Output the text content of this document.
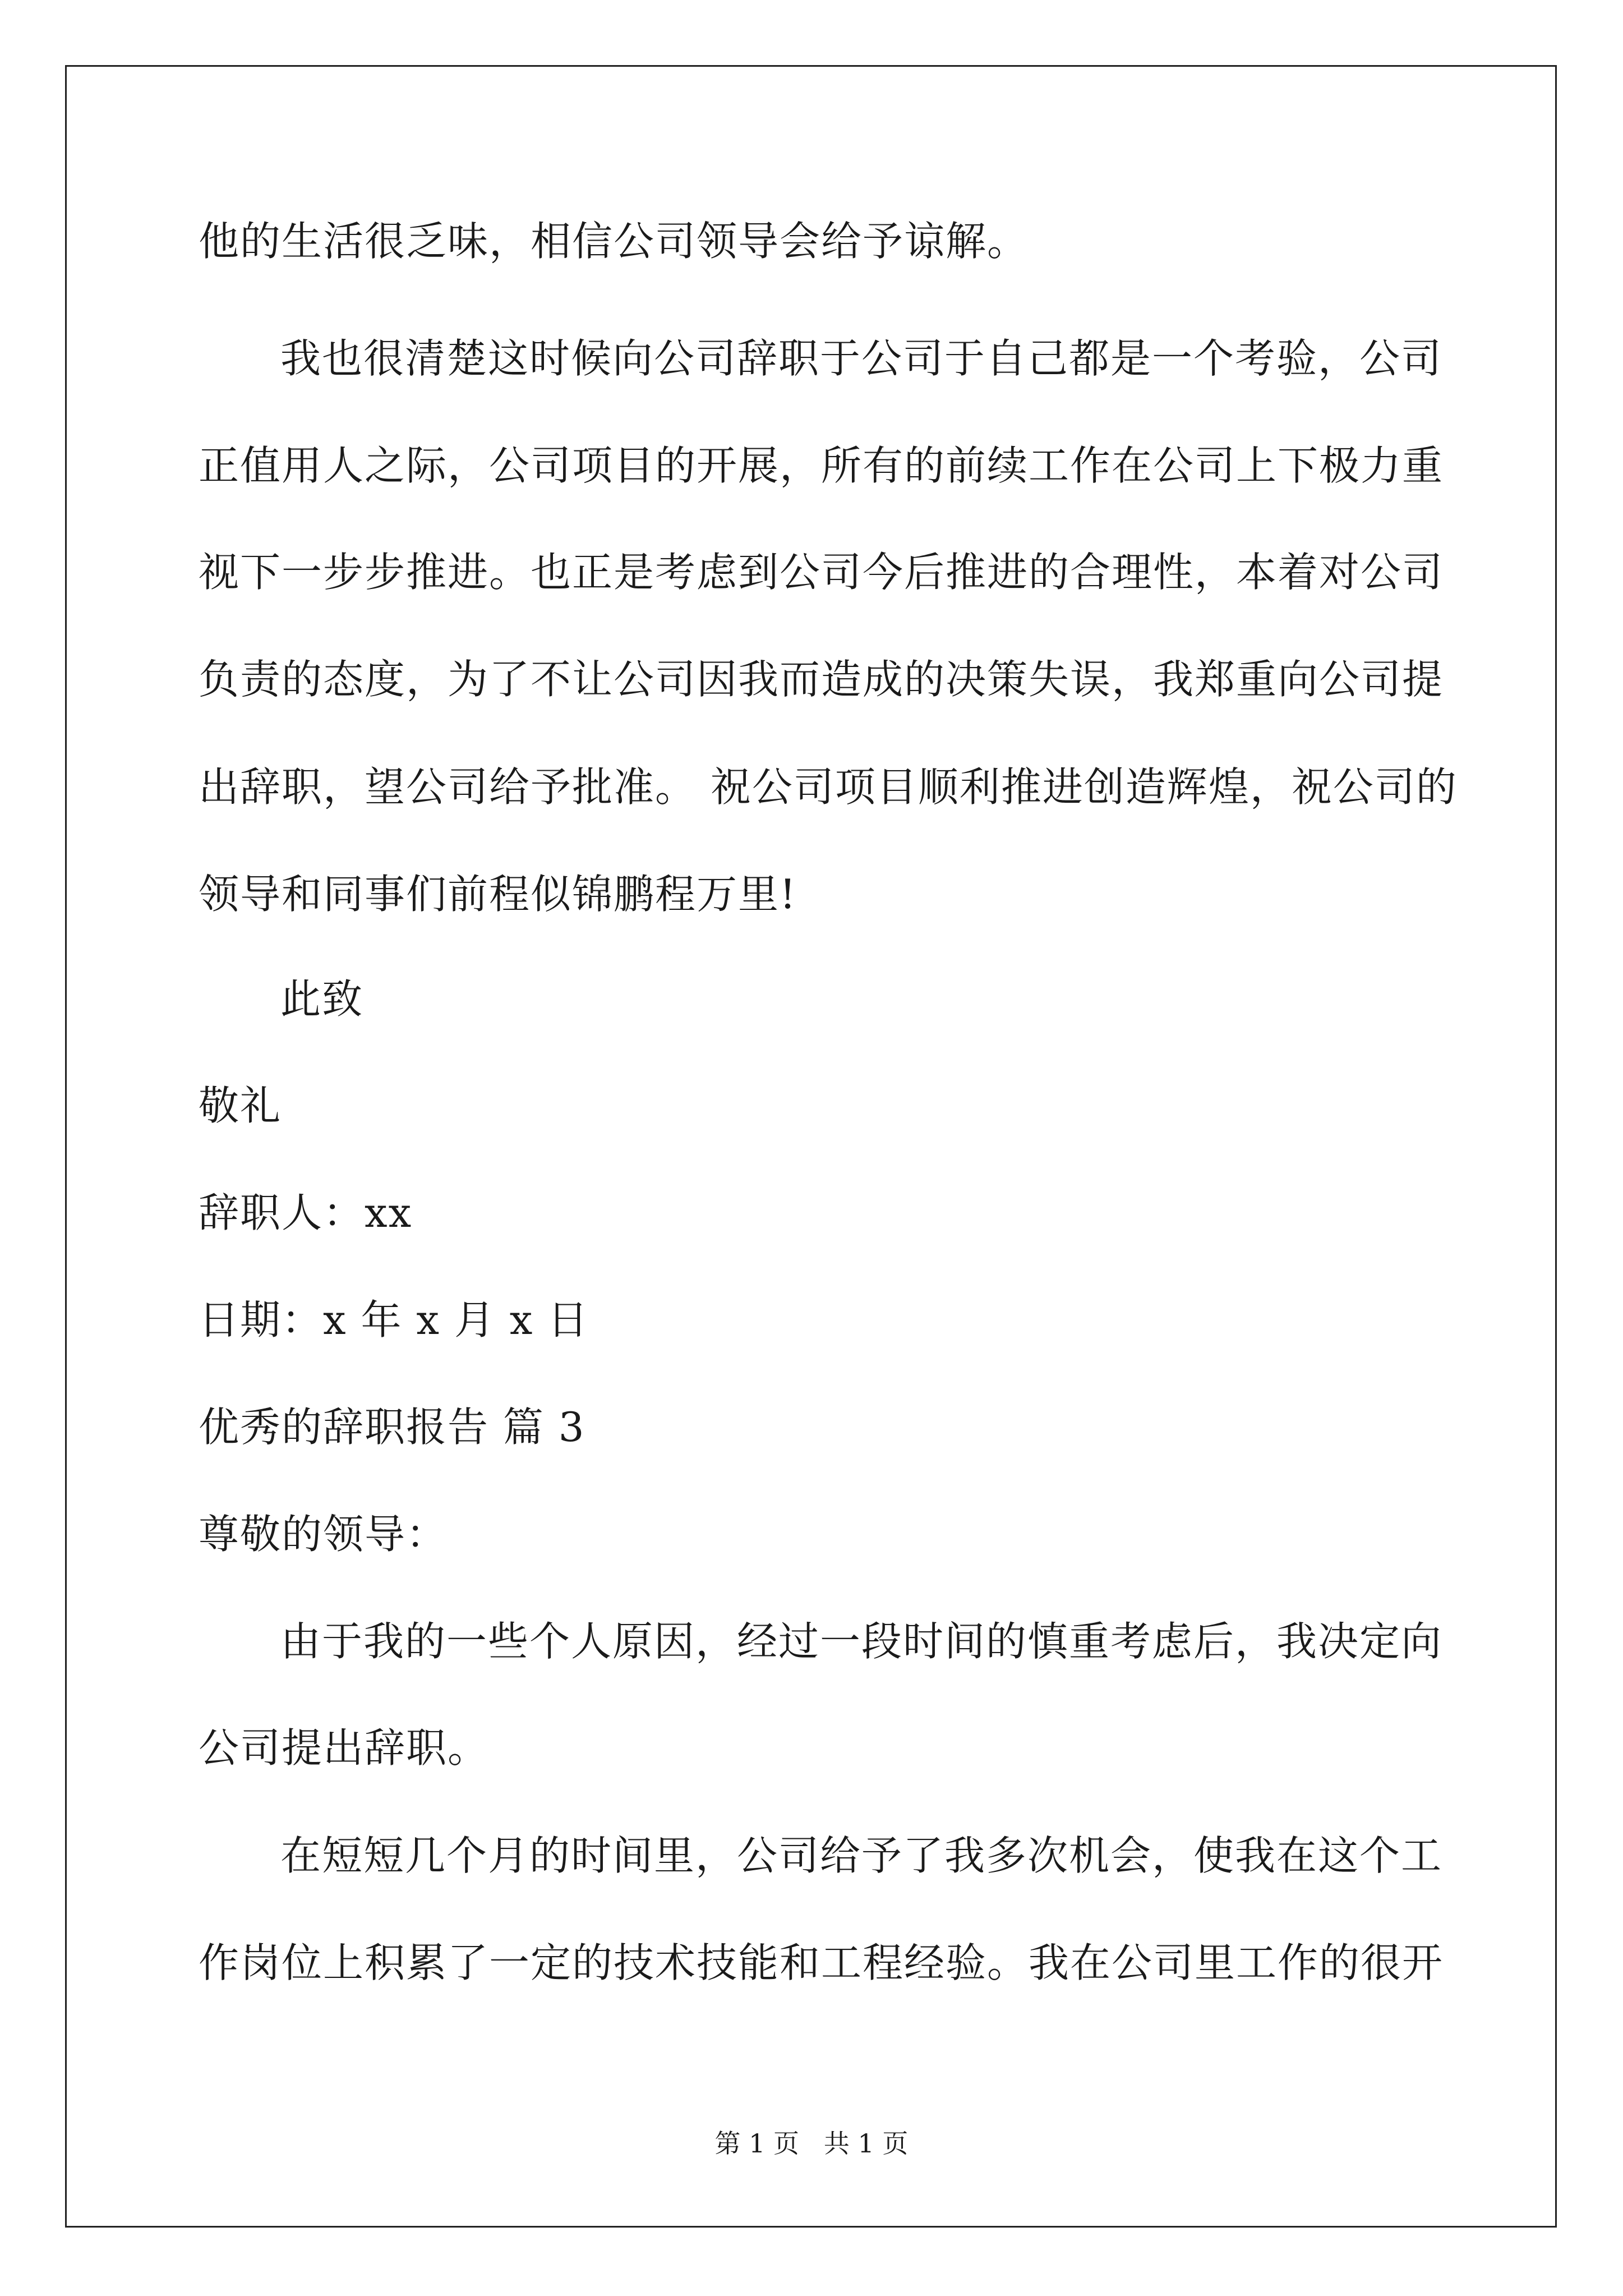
他的生活很乏味，相信公司领导会给予谅解。
我也很清楚这时候向公司辞职于公司于自己都是一个考验，公司
正值用人之际，公司项目的开展，所有的前续工作在公司上下极力重
视下一步步推进。也正是考虑到公司今后推进的合理性，本着对公司
负责的态度，为了不让公司因我而造成的决策失误，我郑重向公司提
出辞职，望公司给予批准。 祝公司项目顺利推进创造辉煌，祝公司的
领导和同事们前程似锦鹏程万里!
此致
敬礼
辞职人：xx
日期：x 年 x 月 x 日
优秀的辞职报告 篇 3
尊敬的领导：
由于我的一些个人原因，经过一段时间的慎重考虑后，我决定向
公司提出辞职。
在短短几个月的时间里，公司给予了我多次机会，使我在这个工
作岗位上积累了一定的技术技能和工程经验。我在公司里工作的很开
第 1 页   共 1 页
